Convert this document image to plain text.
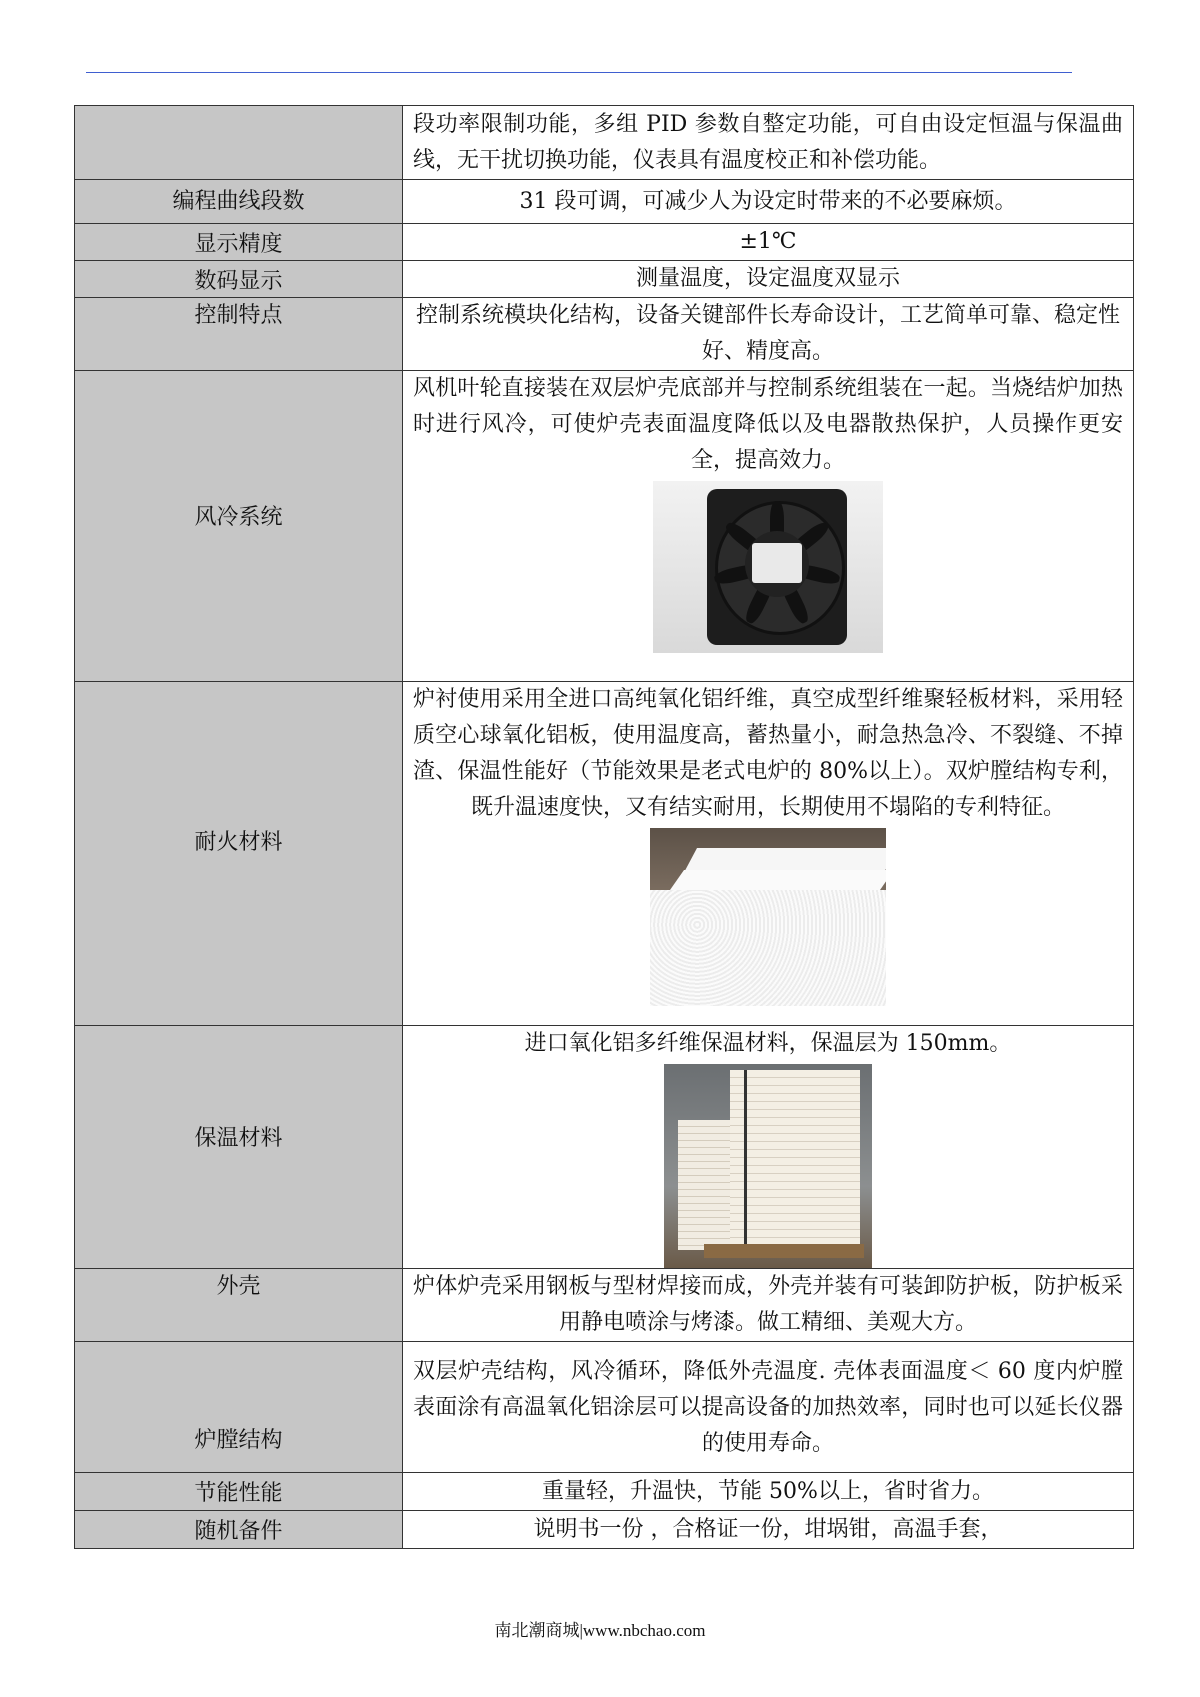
	段功率限制功能，多组 PID 参数自整定功能，可自由设定恒温与保温曲线，无干扰切换功能，仪表具有温度校正和补偿功能。
编程曲线段数	31 段可调，可减少人为设定时带来的不必要麻烦。
显示精度	±1℃
数码显示	测量温度，设定温度双显示
控制特点	控制系统模块化结构，设备关键部件长寿命设计，工艺简单可靠、稳定性好、精度高。
风冷系统	风机叶轮直接装在双层炉壳底部并与控制系统组装在一起。当烧结炉加热时进行风冷，可使炉壳表面温度降低以及电器散热保护，人员操作更安全，提高效力。

耐火材料	炉衬使用采用全进口高纯氧化铝纤维，真空成型纤维聚轻板材料，采用轻质空心球氧化铝板，使用温度高，蓄热量小，耐急热急冷、不裂缝、不掉渣、保温性能好（节能效果是老式电炉的 80%以上）。双炉膛结构专利，既升温速度快，又有结实耐用，长期使用不塌陷的专利特征。

保温材料	进口氧化铝多纤维保温材料，保温层为 150mm。

外壳	炉体炉壳采用钢板与型材焊接而成，外壳并装有可装卸防护板，防护板采用静电喷涂与烤漆。做工精细、美观大方。
炉膛结构	双层炉壳结构，风冷循环，降低外壳温度. 壳体表面温度＜ 60 度内炉膛表面涂有高温氧化铝涂层可以提高设备的加热效率，同时也可以延长仪器的使用寿命。
节能性能	重量轻，升温快，节能 50%以上，省时省力。
随机备件	说明书一份 ，合格证一份，坩埚钳，高温手套，
南北潮商城|www.nbchao.com
